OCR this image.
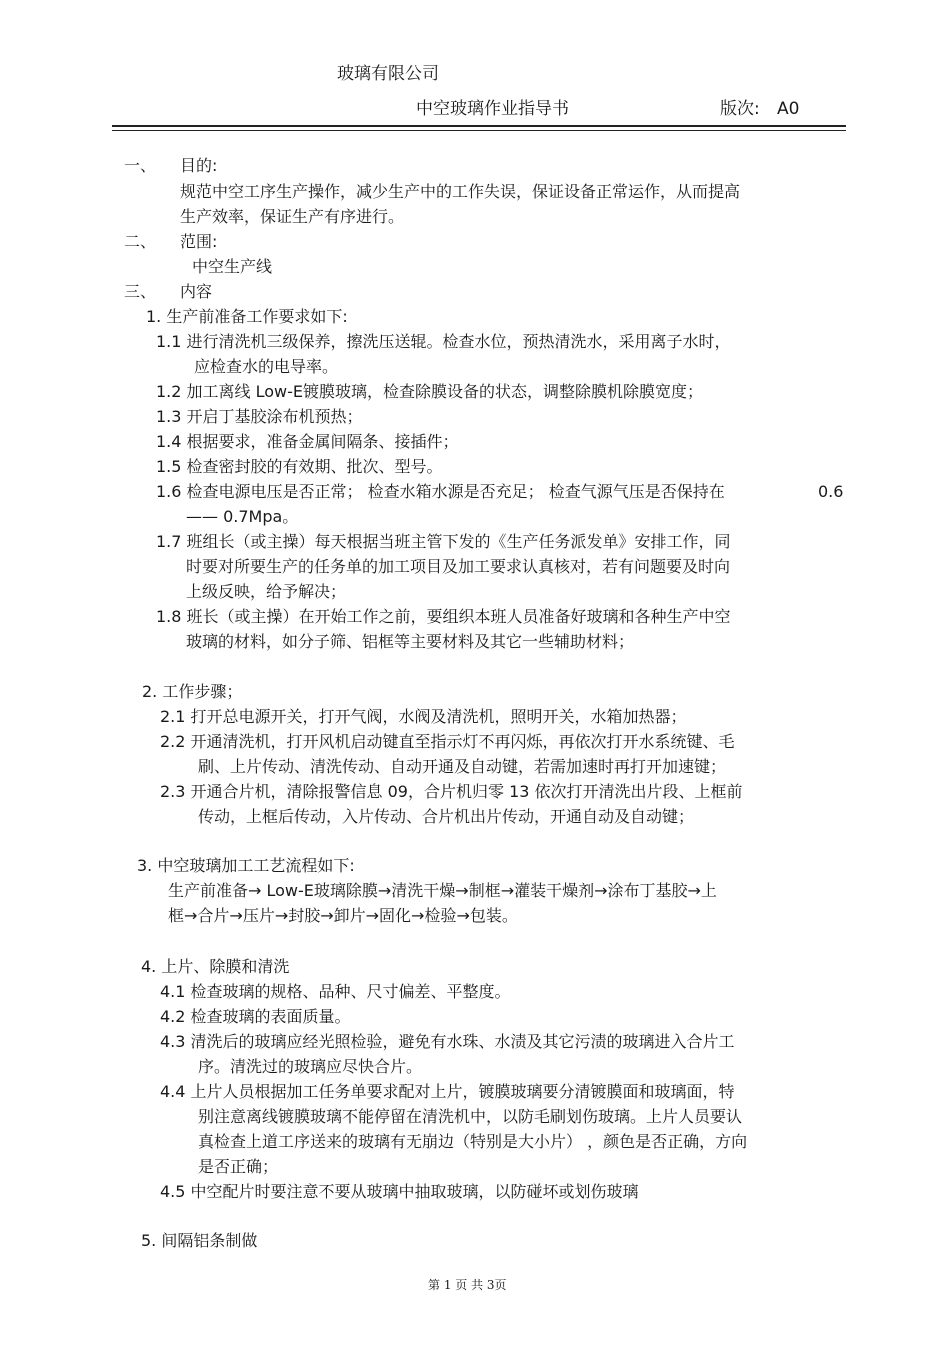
玻璃有限公司
中空玻璃作业指导书	版次: A0
一、 目的:
规范中空工序生产操作，减少生产中的工作失误，保证设备正常运作，从而提高
生产效率，保证生产有序进行。
二、 范围:
中空生产线
三、 内容
1. 生产前准备工作要求如下:
1.1 进行清洗机三级保养，擦洗压送辊。检查水位，预热清洗水，采用离子水时，
应检查水的电导率。
1.2 加工离线 Low-E镀膜玻璃，检查除膜设备的状态，调整除膜机除膜宽度；
1.3 开启丁基胶涂布机预热；
1.4 根据要求，准备金属间隔条、接插件；
1.5 检查密封胶的有效期、批次、型号。
1.6 检查电源电压是否正常； 检查水箱水源是否充足； 检查气源气压是否保持在	0.6
—— 0.7Mpa。
1.7 班组长（或主操）每天根据当班主管下发的《生产任务派发单》安排工作，同
时要对所要生产的任务单的加工项目及加工要求认真核对，若有问题要及时向
上级反映，给予解决；
1.8 班长（或主操）在开始工作之前，要组织本班人员准备好玻璃和各种生产中空
玻璃的材料，如分子筛、铝框等主要材料及其它一些辅助材料；
2. 工作步骤；
2.1 打开总电源开关，打开气阀，水阀及清洗机，照明开关，水箱加热器；
2.2 开通清洗机，打开风机启动键直至指示灯不再闪烁，再依次打开水系统键、毛
刷、上片传动、清洗传动、自动开通及自动键，若需加速时再打开加速键；
2.3 开通合片机，清除报警信息 09，合片机归零 13 依次打开清洗出片段、上框前
传动，上框后传动，入片传动、合片机出片传动，开通自动及自动键；
3. 中空玻璃加工工艺流程如下:
生产前准备→ Low-E玻璃除膜→清洗干燥→制框→灌装干燥剂→涂布丁基胶→上
框→合片→压片→封胶→卸片→固化→检验→包装。
4. 上片、除膜和清洗
4.1 检查玻璃的规格、品种、尺寸偏差、平整度。
4.2 检查玻璃的表面质量。
4.3 清洗后的玻璃应经光照检验，避免有水珠、水渍及其它污渍的玻璃进入合片工
序。清洗过的玻璃应尽快合片。
4.4 上片人员根据加工任务单要求配对上片，镀膜玻璃要分清镀膜面和玻璃面，特
别注意离线镀膜玻璃不能停留在清洗机中，以防毛刷划伤玻璃。上片人员要认
真检查上道工序送来的玻璃有无崩边（特别是大小片） ，颜色是否正确，方向
是否正确；
4.5 中空配片时要注意不要从玻璃中抽取玻璃，以防碰坏或划伤玻璃
5. 间隔铝条制做
第 1 页 共 3页
